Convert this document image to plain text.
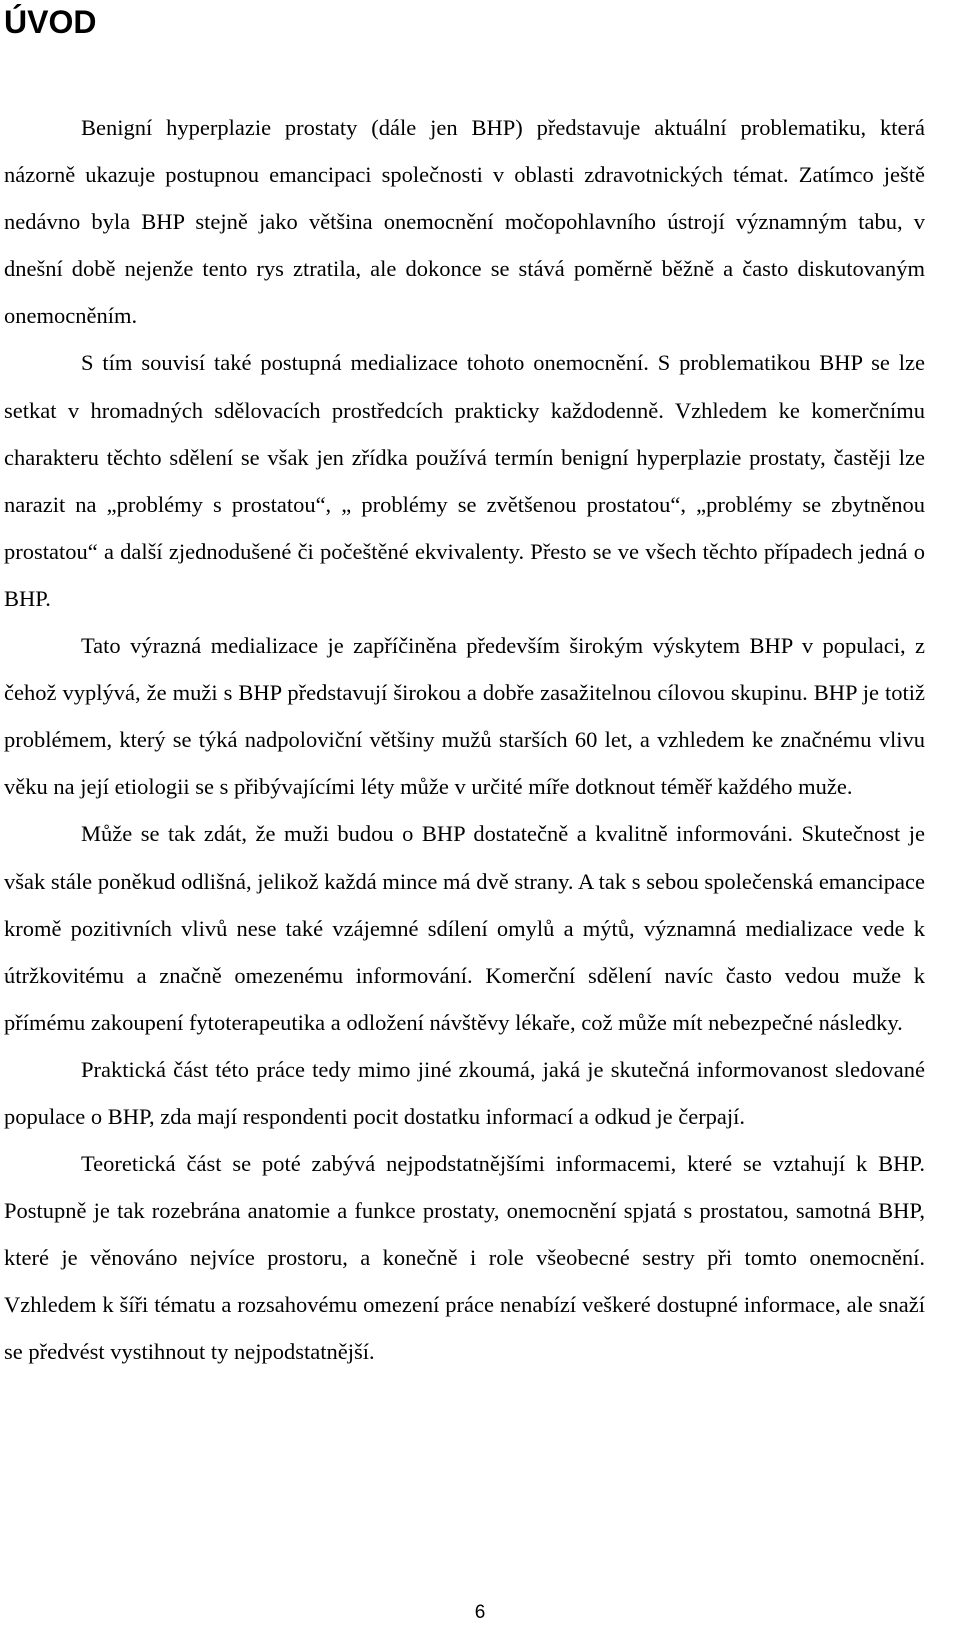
ÚVOD

Benigní hyperplazie prostaty (dále jen BHP) představuje aktuální problematiku, která názorně ukazuje postupnou emancipaci společnosti v oblasti zdravotnických témat. Zatímco ještě nedávno byla BHP stejně jako většina onemocnění močopohlavního ústrojí významným tabu, v dnešní době nejenže tento rys ztratila, ale dokonce se stává poměrně běžně a často diskutovaným onemocněním.

S tím souvisí také postupná medializace tohoto onemocnění. S problematikou BHP se lze setkat v hromadných sdělovacích prostředcích prakticky každodenně. Vzhledem ke komerčnímu charakteru těchto sdělení se však jen zřídka používá termín benigní hyperplazie prostaty, častěji lze narazit na „problémy s prostatou“, „ problémy se zvětšenou prostatou“, „problémy se zbytněnou prostatou“ a další zjednodušené či počeštěné ekvivalenty. Přesto se ve všech těchto případech jedná o BHP.

Tato výrazná medializace je zapříčiněna především širokým výskytem BHP v populaci, z čehož vyplývá, že muži s BHP představují širokou a dobře zasažitelnou cílovou skupinu. BHP je totiž problémem, který se týká nadpoloviční většiny mužů starších 60 let, a vzhledem ke značnému vlivu věku na její etiologii se s přibývajícími léty může v určité míře dotknout téměř každého muže.

Může se tak zdát, že muži budou o BHP dostatečně a kvalitně informováni. Skutečnost je však stále poněkud odlišná, jelikož každá mince má dvě strany. A tak s sebou společenská emancipace kromě pozitivních vlivů nese také vzájemné sdílení omylů a mýtů, významná medializace vede k útržkovitému a značně omezenému informování. Komerční sdělení navíc často vedou muže k přímému zakoupení fytoterapeutika a odložení návštěvy lékaře, což může mít nebezpečné následky.

Praktická část této práce tedy mimo jiné zkoumá, jaká je skutečná informovanost sledované populace o BHP, zda mají respondenti pocit dostatku informací a odkud je čerpají.

Teoretická část se poté zabývá nejpodstatnějšími informacemi, které se vztahují k BHP. Postupně je tak rozebrána anatomie a funkce prostaty, onemocnění spjatá s prostatou, samotná BHP, které je věnováno nejvíce prostoru, a konečně i role všeobecné sestry při tomto onemocnění. Vzhledem k šíři tématu a rozsahovému omezení práce nenabízí veškeré dostupné informace, ale snaží se předvést vystihnout ty nejpodstatnější.

6
